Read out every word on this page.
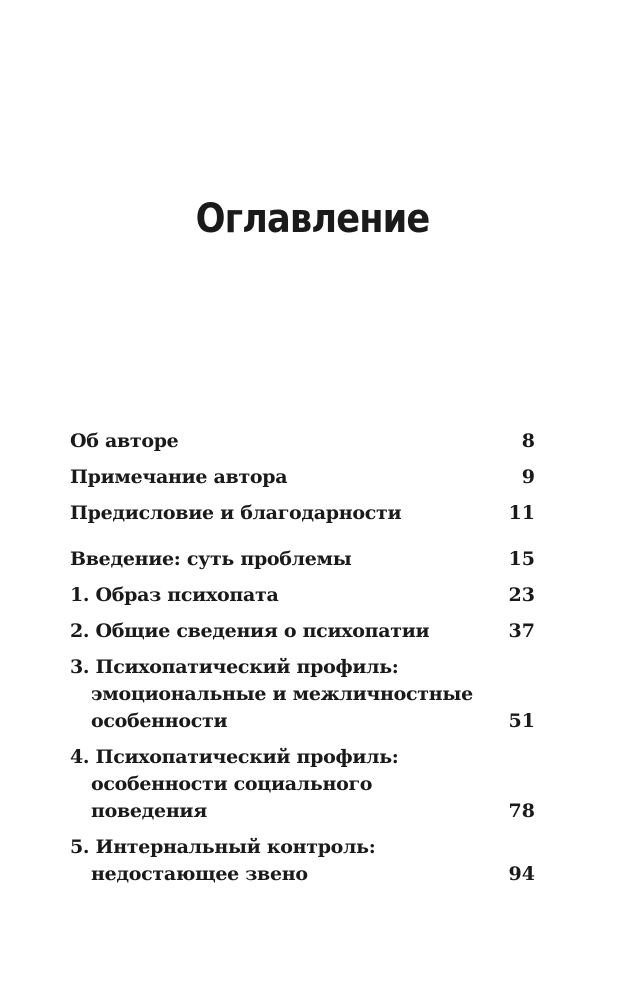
Оглавление
Об авторе	8
Примечание автора	9
Предисловие и благодарности	11
Введение: суть проблемы	15
1. Образ психопата	23
2. Общие сведения о психопатии	37
3. Психопатический профиль:
эмоциональные и межличностные
особенности	51
4. Психопатический профиль:
особенности социального
поведения	78
5. Интернальный контроль:
недостающее звено	94
